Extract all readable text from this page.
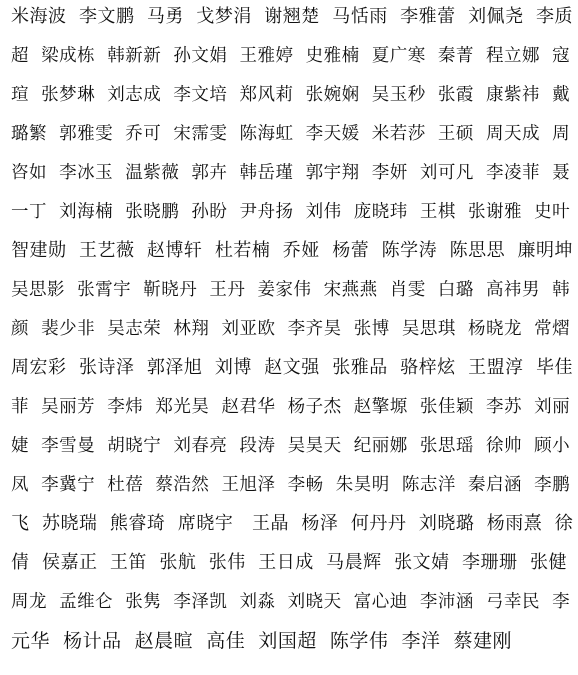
米海波  李文鹏  马勇  戈梦涓  谢翘楚  马恬雨  李雅蕾  刘佩尧  李质
超  梁成栋  韩新新  孙文娟  王雅婷  史雅楠  夏广寒  秦菁  程立娜  寇
瑄  张梦琳  刘志成  李文培  郑风莉  张婉娴  吴玉秒  张霞  康紫祎  戴
璐繁  郭雅雯  乔可  宋霈雯  陈海虹  李天媛  米若莎  王硕  周天成  周
咨如  李冰玉  温紫薇  郭卉  韩岳瑾  郭宇翔  李妍  刘可凡  李凌菲  聂
一丁  刘海楠  张晓鹏  孙盼  尹舟扬  刘伟  庞晓玮  王棋  张谢雅  史叶
智建勋  王艺薇  赵博轩  杜若楠  乔娅  杨蕾  陈学涛  陈思思  廉明坤
吴思影  张霄宇  靳晓丹  王丹  姜家伟  宋燕燕  肖雯  白璐  高祎男  韩
颜  裴少非  吴志荣  林翔  刘亚欧  李齐昊  张博  吴思琪  杨晓龙  常熠
周宏彩  张诗泽  郭泽旭  刘博  赵文强  张雅品  骆梓炫  王盟淳  毕佳
菲  吴丽芳  李炜  郑光昊  赵君华  杨子杰  赵擎塬  张佳颖  李苏  刘丽
婕  李雪曼  胡晓宁  刘春亮  段涛  吴昊天  纪丽娜  张思瑶  徐帅  顾小
凤  李冀宁  杜蓓  蔡浩然  王旭泽  李畅  朱昊明  陈志洋  秦启涵  李鹏
飞  苏晓瑞  熊睿琦  席晓宇   王晶  杨泽  何丹丹  刘晓璐  杨雨熹  徐
倩  侯嘉正  王笛  张航  张伟  王日成  马晨辉  张文婧  李珊珊  张健
周龙  孟维仑  张隽  李泽凯  刘淼  刘晓天  富心迪  李沛涵  弓幸民  李
元华  杨计品  赵晨暄  高佳  刘国超  陈学伟  李洋  蔡建刚
